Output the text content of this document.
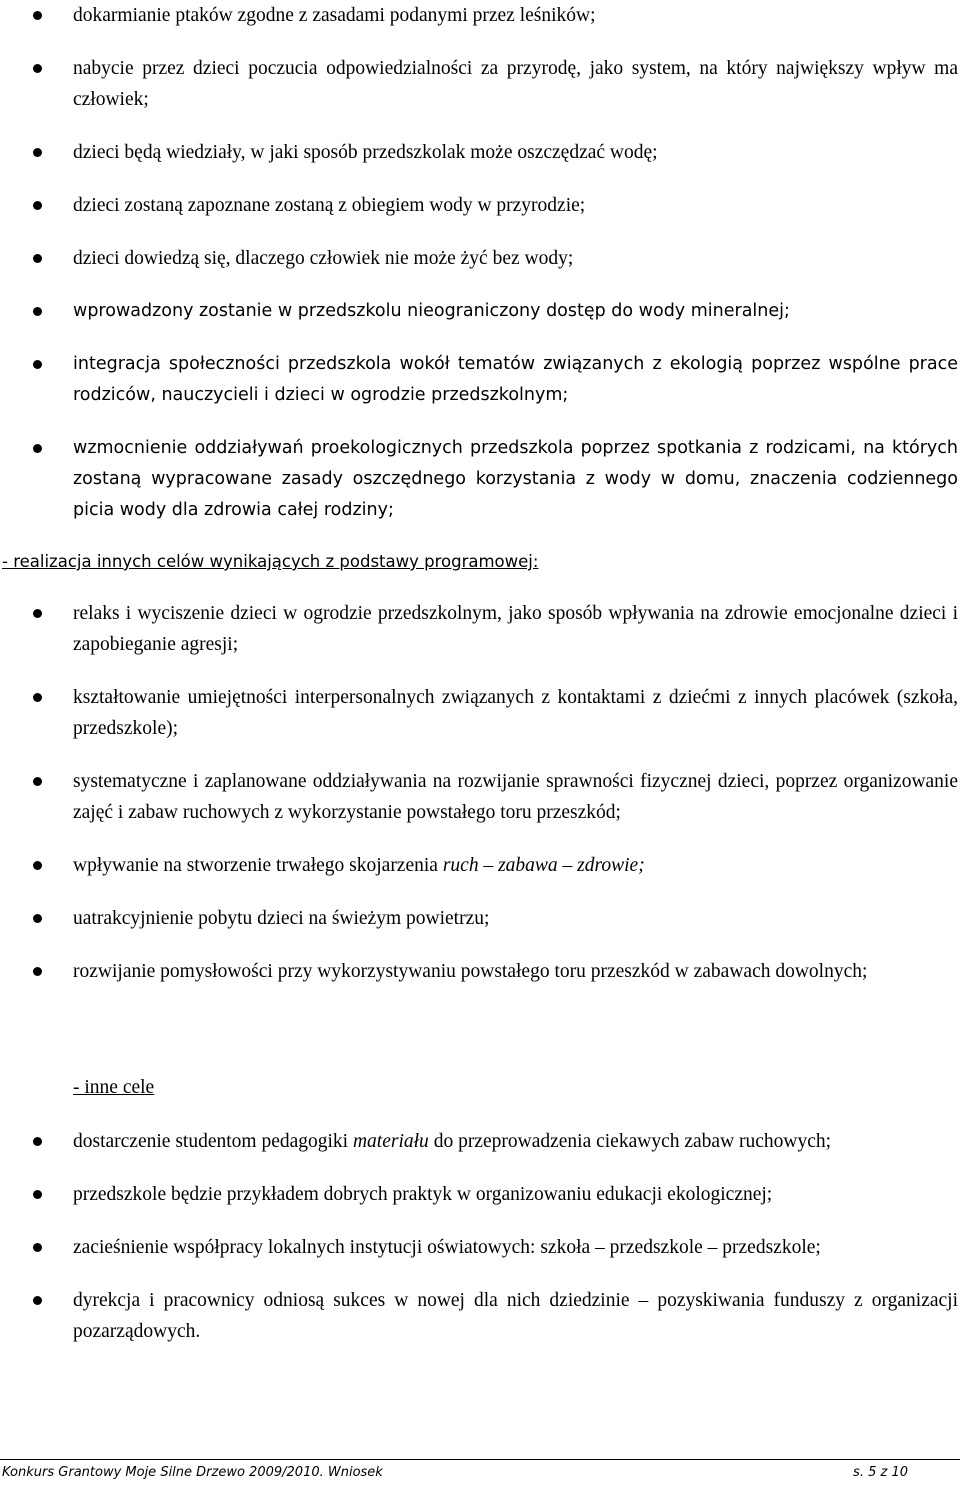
dokarmianie ptaków zgodne z zasadami podanymi przez leśników;
nabycie przez dzieci poczucia odpowiedzialności za przyrodę, jako system, na który największy wpływ ma człowiek;
dzieci będą wiedziały, w jaki sposób przedszkolak może oszczędzać wodę;
dzieci zostaną zapoznane zostaną z obiegiem wody w przyrodzie;
dzieci dowiedzą się, dlaczego człowiek nie może żyć bez wody;
wprowadzony zostanie w przedszkolu nieograniczony dostęp do wody mineralnej;
integracja społeczności przedszkola wokół tematów związanych z ekologią poprzez wspólne prace rodziców, nauczycieli i dzieci w ogrodzie przedszkolnym;
wzmocnienie oddziaływań proekologicznych przedszkola poprzez spotkania z rodzicami, na których zostaną wypracowane zasady oszczędnego korzystania z wody w domu, znaczenia codziennego picia wody dla zdrowia całej rodziny;
- realizacja innych celów wynikających z podstawy programowej:
relaks i wyciszenie dzieci w ogrodzie przedszkolnym, jako sposób wpływania na zdrowie emocjonalne dzieci i zapobieganie agresji;
kształtowanie umiejętności interpersonalnych związanych z kontaktami z dziećmi z innych placówek (szkoła, przedszkole);
systematyczne i zaplanowane oddziaływania na rozwijanie sprawności fizycznej dzieci, poprzez organizowanie zajęć i zabaw ruchowych z wykorzystanie powstałego toru przeszkód;
wpływanie na stworzenie trwałego skojarzenia ruch – zabawa – zdrowie;
uatrakcyjnienie pobytu dzieci na świeżym powietrzu;
rozwijanie pomysłowości przy wykorzystywaniu powstałego toru przeszkód w zabawach dowolnych;
- inne cele
dostarczenie studentom pedagogiki materiału do przeprowadzenia ciekawych zabaw ruchowych;
przedszkole będzie przykładem dobrych praktyk w organizowaniu edukacji ekologicznej;
zacieśnienie współpracy lokalnych instytucji oświatowych: szkoła – przedszkole – przedszkole;
dyrekcja i pracownicy odniosą sukces w nowej dla nich dziedzinie – pozyskiwania funduszy z organizacji pozarządowych.
Konkurs Grantowy Moje Silne Drzewo 2009/2010. Wniosek	s. 5 z 10
